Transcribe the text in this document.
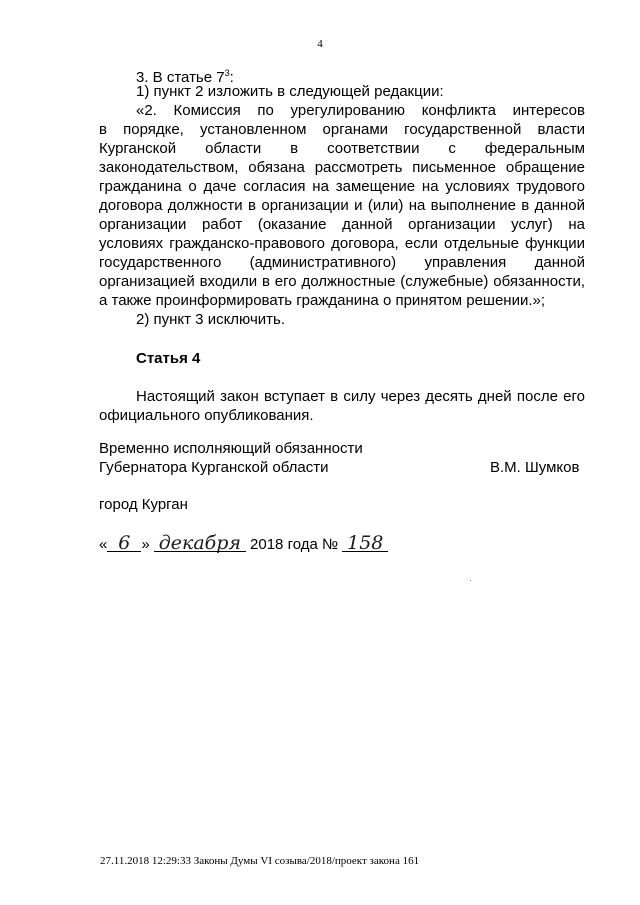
4
3. В статье $7^3$:
1) пункт 2 изложить в следующей редакции:
«2. Комиссия по урегулированию конфликта интересов
в порядке, установленном органами государственной власти
Курганской области в соответствии с федеральным
законодательством, обязана рассмотреть письменное обращение
гражданина о даче согласия на замещение на условиях трудового
договора должности в организации и (или) на выполнение в данной
организации работ (оказание данной организации услуг) на
условиях гражданско-правового договора, если отдельные функции
государственного (административного) управления данной
организацией входили в его должностные (служебные) обязанности,
а также проинформировать гражданина о принятом решении.»;
2) пункт 3 исключить.
Статья 4
Настоящий закон вступает в силу через десять дней после его
официального опубликования.
Временно исполняющий обязанности
Губернатора Курганской области	В.М. Шумков
город Курган
« 6 » декабря 2018 года № 158
27.11.2018 12:29:33 Законы Думы VI созыва/2018/проект закона 161
